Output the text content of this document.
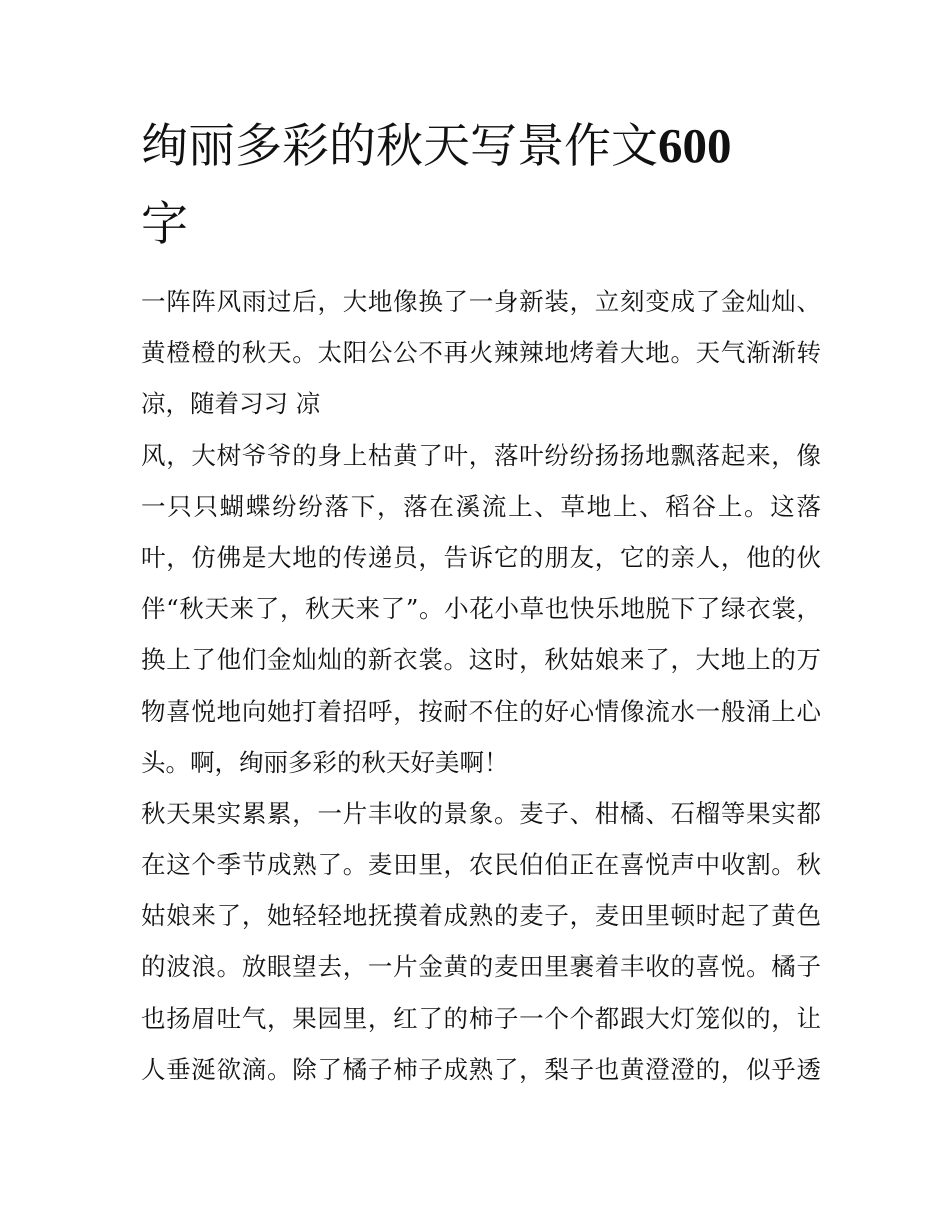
绚丽多彩的秋天写景作文600
字
一阵阵风雨过后，大地像换了一身新装，立刻变成了金灿灿、
黄橙橙的秋天。太阳公公不再火辣辣地烤着大地。天气渐渐转
凉，随着习习 凉
风，大树爷爷的身上枯黄了叶，落叶纷纷扬扬地飘落起来，像
一只只蝴蝶纷纷落下，落在溪流上、草地上、稻谷上。这落
叶，仿佛是大地的传递员，告诉它的朋友，它的亲人，他的伙
伴“秋天来了，秋天来了”。小花小草也快乐地脱下了绿衣裳，
换上了他们金灿灿的新衣裳。这时，秋姑娘来了，大地上的万
物喜悦地向她打着招呼，按耐不住的好心情像流水一般涌上心
头。啊，绚丽多彩的秋天好美啊！
秋天果实累累，一片丰收的景象。麦子、柑橘、石榴等果实都
在这个季节成熟了。麦田里，农民伯伯正在喜悦声中收割。秋
姑娘来了，她轻轻地抚摸着成熟的麦子，麦田里顿时起了黄色
的波浪。放眼望去，一片金黄的麦田里裹着丰收的喜悦。橘子
也扬眉吐气，果园里，红了的柿子一个个都跟大灯笼似的，让
人垂涎欲滴。除了橘子柿子成熟了，梨子也黄澄澄的，似乎透
